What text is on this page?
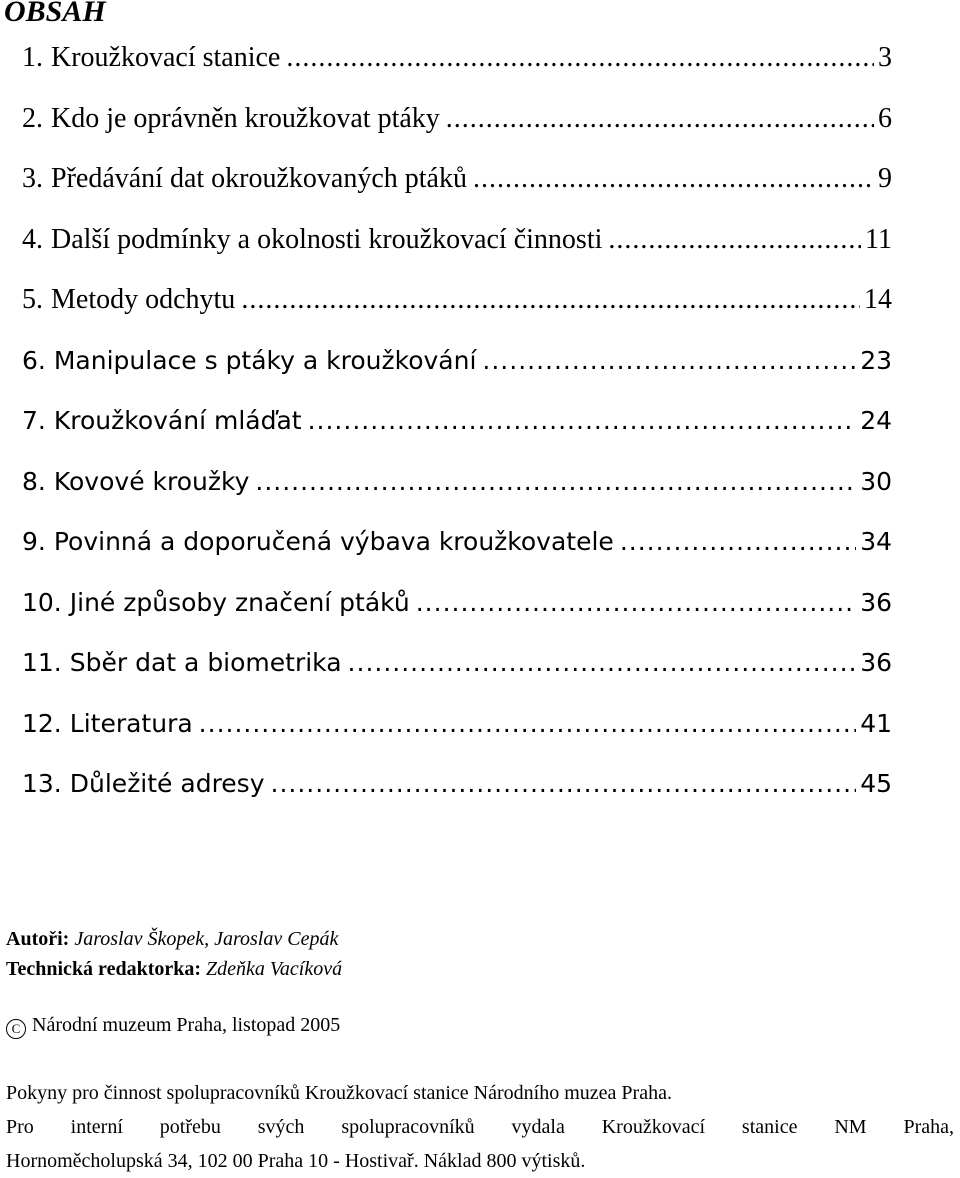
OBSAH
1. Kroužkovací stanice .....	3
2. Kdo je oprávněn kroužkovat ptáky .....	6
3. Předávání dat okroužkovaných ptáků .....	9
4. Další podmínky a okolnosti kroužkovací činnosti .....	11
5. Metody odchytu .....	14
6. Manipulace s ptáky a kroužkování .....	23
7. Kroužkování mláďat .....	24
8. Kovové kroužky .....	30
9. Povinná a doporučená výbava kroužkovatele .....	34
10. Jiné způsoby značení ptáků .....	36
11. Sběr dat a biometrika .....	36
12. Literatura .....	41
13. Důležité adresy .....	45
Autoři: Jaroslav Škopek, Jaroslav Cepák
Technická redaktorka: Zdeňka Vacíková
C Národní muzeum Praha, listopad 2005

Pokyny pro činnost spolupracovníků Kroužkovací stanice Národního muzea Praha.

Pro interní potřebu svých spolupracovníků vydala Kroužkovací stanice NM Praha,

Hornoměcholupská 34, 102 00 Praha 10 - Hostivař. Náklad 800 výtisků.
